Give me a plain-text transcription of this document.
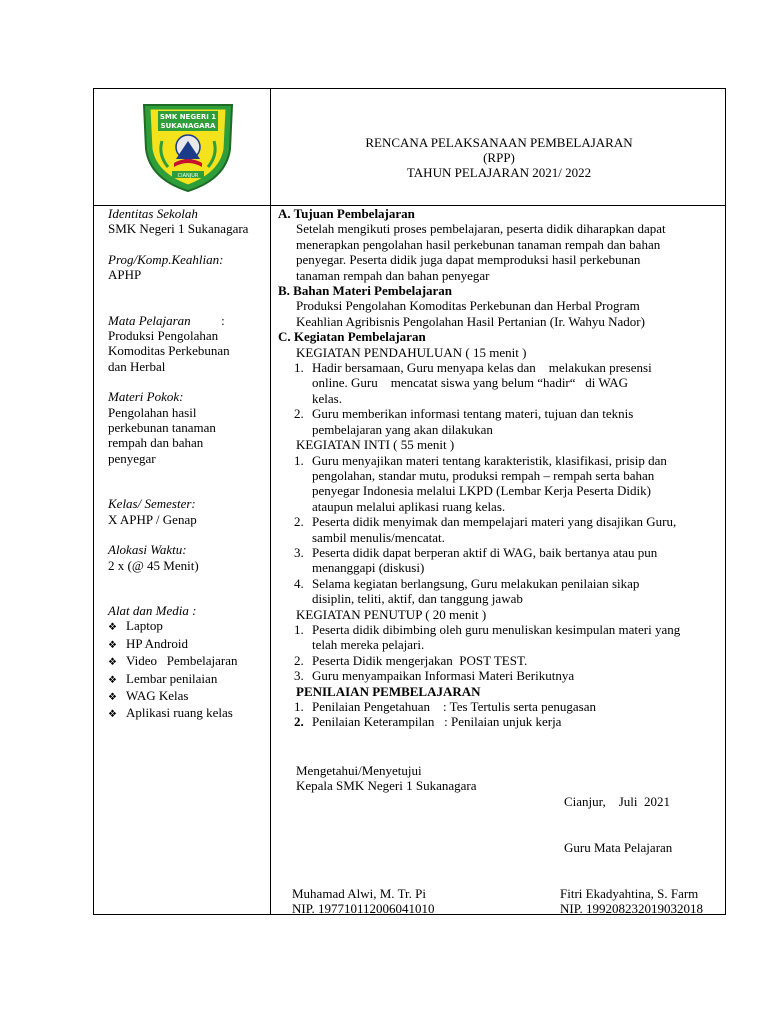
SMK NEGERI 1
SUKANAGARA
CIANJUR
RENCANA PELAKSANAAN PEMBELAJARAN
(RPP)
TAHUN PELAJARAN 2021/ 2022
Identitas Sekolah
SMK Negeri 1 Sukanagara
Prog/Komp.Keahlian:
APHP
Mata Pelajaran :
Produksi Pengolahan
Komoditas Perkebunan
dan Herbal
Materi Pokok:
Pengolahan hasil
perkebunan tanaman
rempah dan bahan
penyegar
Kelas/ Semester:
X APHP / Genap
Alokasi Waktu:
2 x (@ 45 Menit)
Alat dan Media :
❖ Laptop
❖ HP Android
❖ Video   Pembelajaran
❖ Lembar penilaian
❖ WAG Kelas
❖ Aplikasi ruang kelas
A. Tujuan Pembelajaran
Setelah mengikuti proses pembelajaran, peserta didik diharapkan dapat
menerapkan pengolahan hasil perkebunan tanaman rempah dan bahan
penyegar. Peserta didik juga dapat memproduksi hasil perkebunan
tanaman rempah dan bahan penyegar
B. Bahan Materi Pembelajaran
Produksi Pengolahan Komoditas Perkebunan dan Herbal Program
Keahlian Agribisnis Pengolahan Hasil Pertanian (Ir. Wahyu Nador)
C. Kegiatan Pembelajaran
KEGIATAN PENDAHULUAN ( 15 menit )
1. Hadir bersamaan, Guru menyapa kelas dan    melakukan presensi
online. Guru    mencatat siswa yang belum “hadir“   di WAG
kelas.
2. Guru memberikan informasi tentang materi, tujuan dan teknis
pembelajaran yang akan dilakukan
KEGIATAN INTI ( 55 menit )
1. Guru menyajikan materi tentang karakteristik, klasifikasi, prisip dan
pengolahan, standar mutu, produksi rempah – rempah serta bahan
penyegar Indonesia melalui LKPD (Lembar Kerja Peserta Didik)
ataupun melalui aplikasi ruang kelas.
2. Peserta didik menyimak dan mempelajari materi yang disajikan Guru,
sambil menulis/mencatat.
3. Peserta didik dapat berperan aktif di WAG, baik bertanya atau pun
menanggapi (diskusi)
4. Selama kegiatan berlangsung, Guru melakukan penilaian sikap
disiplin, teliti, aktif, dan tanggung jawab
KEGIATAN PENUTUP ( 20 menit )
1. Peserta didik dibimbing oleh guru menuliskan kesimpulan materi yang
telah mereka pelajari.
2. Peserta Didik mengerjakan  POST TEST.
3. Guru menyampaikan Informasi Materi Berikutnya
PENILAIAN PEMBELAJARAN
1. Penilaian Pengetahuan    : Tes Tertulis serta penugasan
2. Penilaian Keterampilan   : Penilaian unjuk kerja
Mengetahui/Menyetujui
Kepala SMK Negeri 1 Sukanagara

Cianjur,    Juli  2021

Guru Mata Pelajaran

Muhamad Alwi, M. Tr. Pi
NIP. 197710112006041010
Fitri Ekadyahtina, S. Farm
NIP. 199208232019032018
